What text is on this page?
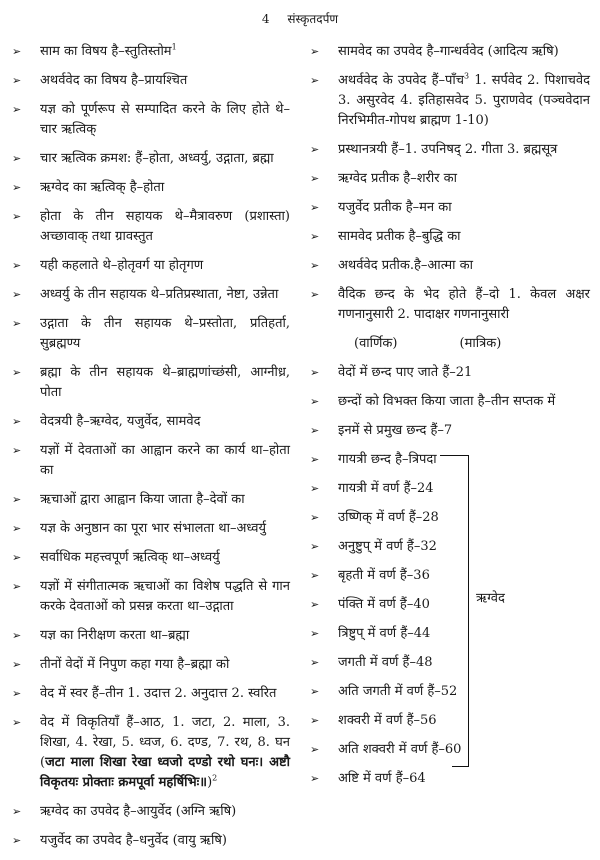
4 संस्कृतदर्पण
➢ साम का विषय है–स्तुतिस्तोम$^1$
➢ अथर्ववेद का विषय है–प्रायश्चित
➢ यज्ञ को पूर्णरूप से सम्पादित करने के लिए होते थे–चार ऋत्विक्
➢ चार ऋत्विक क्रमश: हैं–होता, अध्वर्यु, उद्गाता, ब्रह्मा
➢ ऋग्वेद का ऋत्विक् है–होता
➢ होता के तीन सहायक थे–मैत्रावरुण (प्रशास्ता) अच्छावाक् तथा ग्रावस्तुत
➢ यही कहलाते थे–होतृवर्ग या होतृगण
➢ अध्वर्यु के तीन सहायक थे–प्रतिप्रस्थाता, नेष्टा, उन्नेता
➢ उद्गाता के तीन सहायक थे–प्रस्तोता, प्रतिहर्ता, सुब्रह्मण्य
➢ ब्रह्मा के तीन सहायक थे–ब्राह्मणांच्छंसी, आग्नीध्र, पोता
➢ वेदत्रयी है–ऋग्वेद, यजुर्वेद, सामवेद
➢ यज्ञों में देवताओं का आह्वान करने का कार्य था–होता का
➢ ऋचाओं द्वारा आह्वान किया जाता है–देवों का
➢ यज्ञ के अनुष्ठान का पूरा भार संभालता था–अध्वर्यु
➢ सर्वाधिक महत्त्वपूर्ण ऋत्विक् था–अध्वर्यु
➢ यज्ञों में संगीतात्मक ऋचाओं का विशेष पद्धति से गान करके देवताओं को प्रसन्न करता था–उद्गाता
➢ यज्ञ का निरीक्षण करता था–ब्रह्मा
➢ तीनों वेदों में निपुण कहा गया है–ब्रह्मा को
➢ वेद में स्वर हैं–तीन 1. उदात्त 2. अनुदात्त 2. स्वरित
➢ वेद में विकृतियाँ हैं–आठ, 1. जटा, 2. माला, 3. शिखा, 4. रेखा, 5. ध्वज, 6. दण्ड, 7. रथ, 8. घन (जटा माला शिखा रेखा ध्वजो दण्डो रथो घनः। अष्टौ विकृतयः प्रोक्ताः क्रमपूर्वा महर्षिभिः॥)$^2$
➢ ऋग्वेद का उपवेद है–आयुर्वेद (अग्नि ऋषि)
➢ यजुर्वेद का उपवेद है–धनुर्वेद (वायु ऋषि)
➢ सामवेद का उपवेद है–गान्धर्ववेद (आदित्य ऋषि)
➢ अथर्ववेद के उपवेद हैं–पाँच$^3$ 1. सर्पवेद 2. पिशाचवेद 3. असुरवेद 4. इतिहासवेद 5. पुराणवेद (पञ्चवेदान निरभिमीत-गोपथ ब्राह्मण 1-10)
➢ प्रस्थानत्रयी हैं–1. उपनिषद् 2. गीता 3. ब्रह्मसूत्र
➢ ऋग्वेद प्रतीक है–शरीर का
➢ यजुर्वेद प्रतीक है–मन का
➢ सामवेद प्रतीक है–बुद्धि का
➢ अथर्ववेद प्रतीक.है–आत्मा का
➢ वैदिक छन्द के भेद होते हैं–दो 1. केवल अक्षर गणनानुसारी 2. पादाक्षर गणनानुसारी
(वार्णिक)	(मात्रिक)
➢ वेदों में छन्द पाए जाते हैं–21
➢ छन्दों को विभक्त किया जाता है–तीन सप्तक में
➢ इनमें से प्रमुख छन्द हैं–7
➢ गायत्री छन्द है–त्रिपदा
➢ गायत्री में वर्ण हैं–24
➢ उष्णिक् में वर्ण हैं–28
➢ अनुष्टुप् में वर्ण हैं–32
➢ बृहती में वर्ण हैं–36
➢ पंक्ति में वर्ण हैं–40
➢ त्रिष्टुप् में वर्ण हैं–44
➢ जगती में वर्ण हैं–48
➢ अति जगती में वर्ण हैं–52
➢ शक्वरी में वर्ण हैं–56
➢ अति शक्वरी में वर्ण हैं–60
➢ अष्टि में वर्ण हैं–64
ऋग्वेद
